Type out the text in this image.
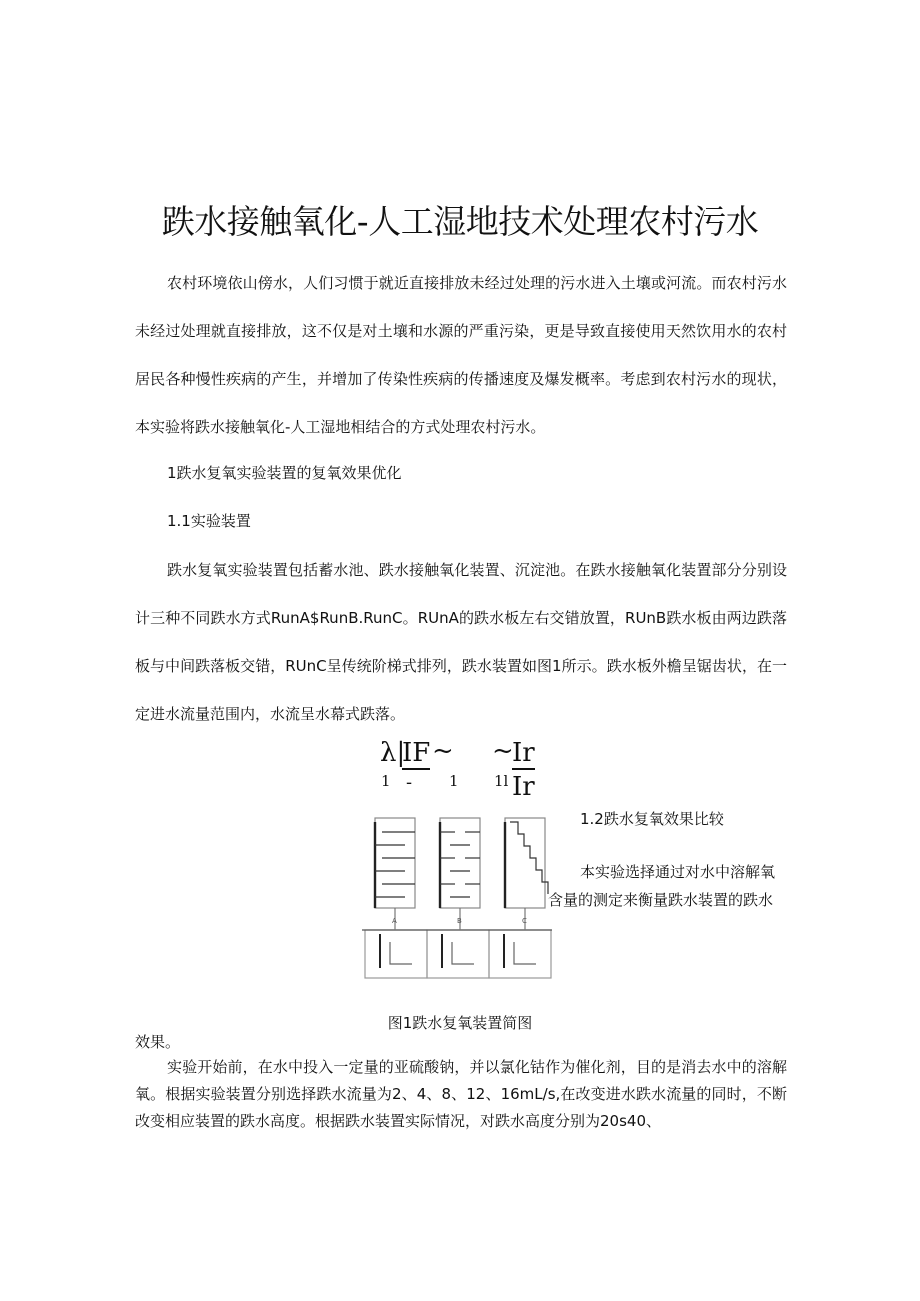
跌水接触氧化-人工湿地技术处理农村污水

农村环境依山傍水，人们习惯于就近直接排放未经过处理的污水进入土壤或河流。而农村污水未经过处理就直接排放，这不仅是对土壤和水源的严重污染，更是导致直接使用天然饮用水的农村居民各种慢性疾病的产生，并增加了传染性疾病的传播速度及爆发概率。考虑到农村污水的现状，本实验将跌水接触氧化-人工湿地相结合的方式处理农村污水。

1跌水复氧实验装置的复氧效果优化
1.1实验装置

跌水复氧实验装置包括蓄水池、跌水接触氧化装置、沉淀池。在跌水接触氧化装置部分分别设计三种不同跌水方式RunA$RunB.RunC。RUnA的跌水板左右交错放置，RUnB跌水板由两边跌落板与中间跌落板交错，RUnC呈传统阶梯式排列，跌水装置如图1所示。跌水板外檐呈锯齿状，在一定进水流量范围内，水流呈水幕式跌落。

λ|
IF ~
1 - 1
~
Ir
1l Ir
A	B	C
1.2跌水复氧效果比较
本实验选择通过对水中溶解氧
含量的测定来衡量跌水装置的跌水
图1跌水复氧装置简图
效果。

实验开始前，在水中投入一定量的亚硫酸钠，并以氯化钴作为催化剂，目的是消去水中的溶解氧。根据实验装置分别选择跌水流量为2、4、8、12、16mL/s,在改变进水跌水流量的同时，不断改变相应装置的跌水高度。根据跌水装置实际情况，对跌水高度分别为20s40、
